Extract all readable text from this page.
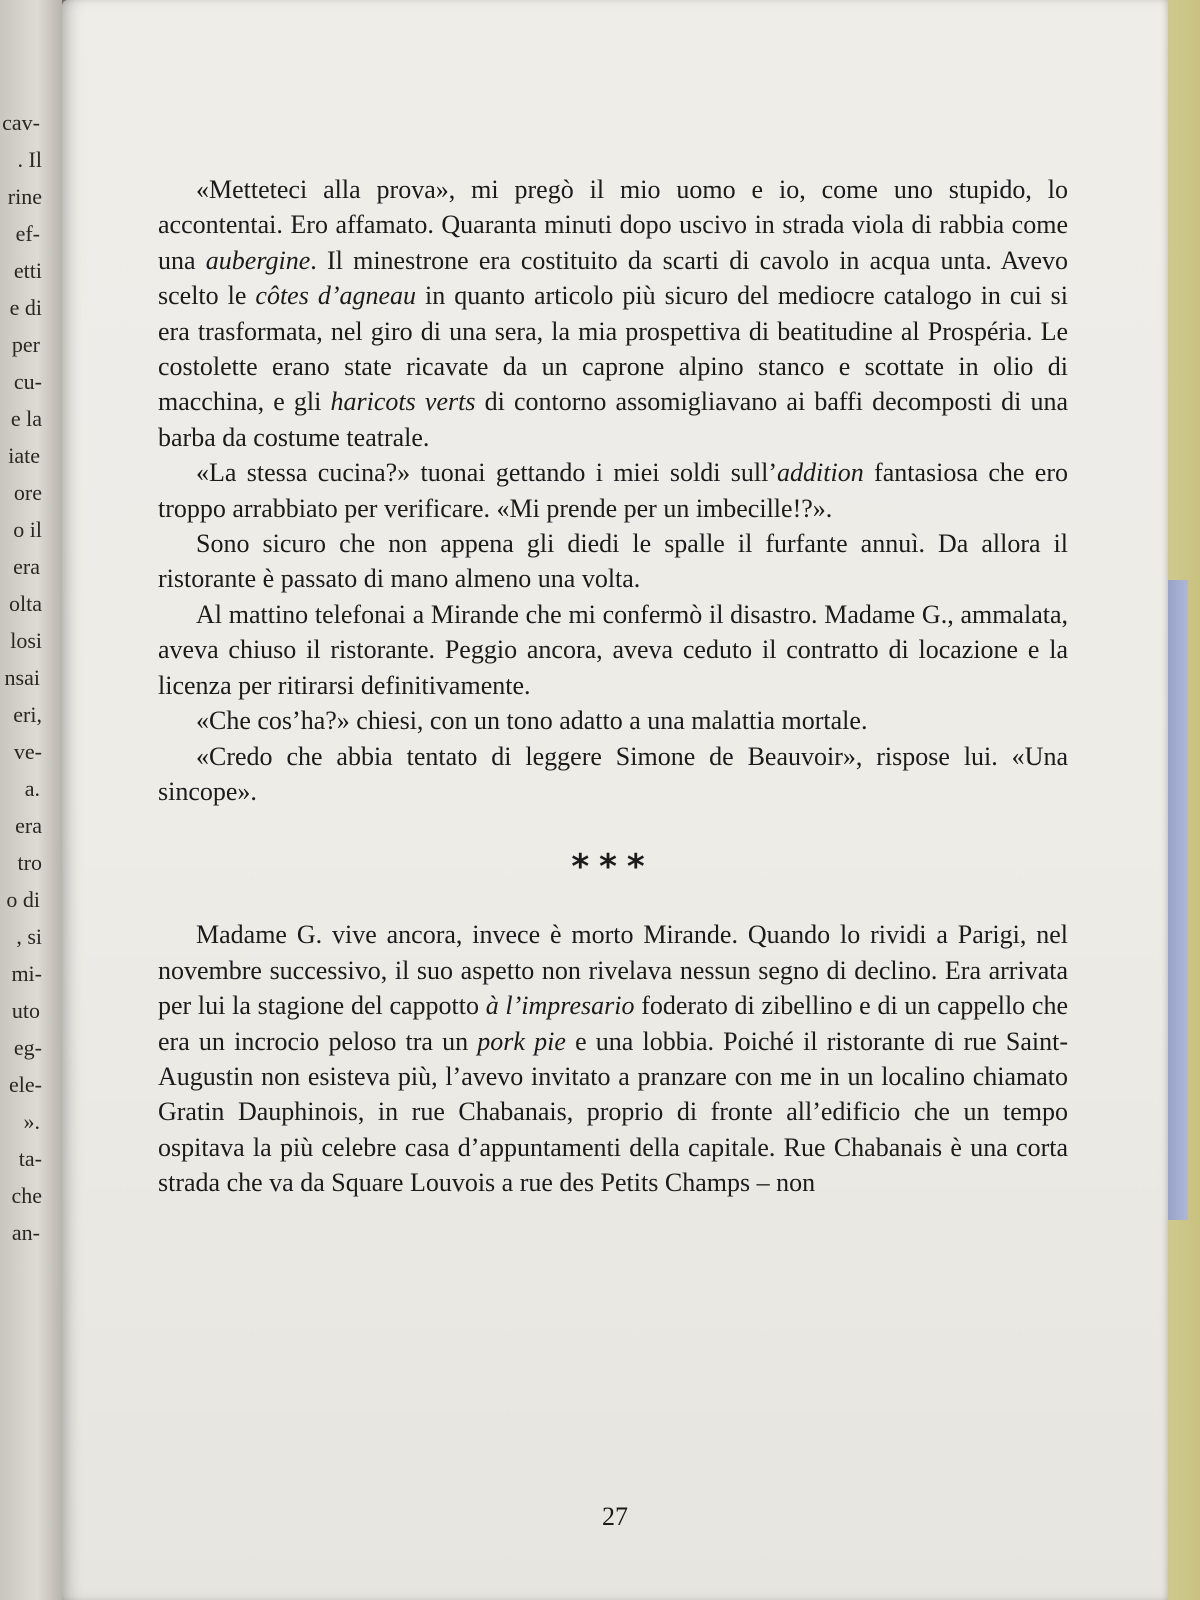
cav-
. Il
rine
ef-
etti
e di
per
cu-
e la
iate
ore
o il
era
olta
losi
nsai
eri,
ve-
a.
era
tro
o di
, si
mi-
uto
eg-
ele-
».
ta-
che
an-

«Metteteci alla prova», mi pregò il mio uomo e io, come uno stupido, lo accontentai. Ero affamato. Quaranta minuti dopo uscivo in strada viola di rabbia come una aubergine. Il minestrone era costituito da scarti di cavolo in acqua unta. Avevo scelto le côtes d’agneau in quanto articolo più sicuro del mediocre catalogo in cui si era trasformata, nel giro di una sera, la mia prospettiva di beatitudine al Prospéria. Le costolette erano state ricavate da un caprone alpino stanco e scottate in olio di macchina, e gli haricots verts di contorno assomigliavano ai baffi decomposti di una barba da costume teatrale.

«La stessa cucina?» tuonai gettando i miei soldi sull’addition fantasiosa che ero troppo arrabbiato per verificare. «Mi prende per un imbecille!?».

Sono sicuro che non appena gli diedi le spalle il furfante annuì. Da allora il ristorante è passato di mano almeno una volta.

Al mattino telefonai a Mirande che mi confermò il disastro. Madame G., ammalata, aveva chiuso il ristorante. Peggio ancora, aveva ceduto il contratto di locazione e la licenza per ritirarsi definitivamente.

«Che cos’ha?» chiesi, con un tono adatto a una malattia mortale.

«Credo che abbia tentato di leggere Simone de Beauvoir», rispose lui. «Una sincope».

***

Madame G. vive ancora, invece è morto Mirande. Quando lo rividi a Parigi, nel novembre successivo, il suo aspetto non rivelava nessun segno di declino. Era arrivata per lui la stagione del cappotto à l’impresario foderato di zibellino e di un cappello che era un incrocio peloso tra un pork pie e una lobbia. Poiché il ristorante di rue Saint-Augustin non esisteva più, l’avevo invitato a pranzare con me in un localino chiamato Gratin Dauphinois, in rue Chabanais, proprio di fronte all’edificio che un tempo ospitava la più celebre casa d’appuntamenti della capitale. Rue Chabanais è una corta strada che va da Square Louvois a rue des Petits Champs – non

27
